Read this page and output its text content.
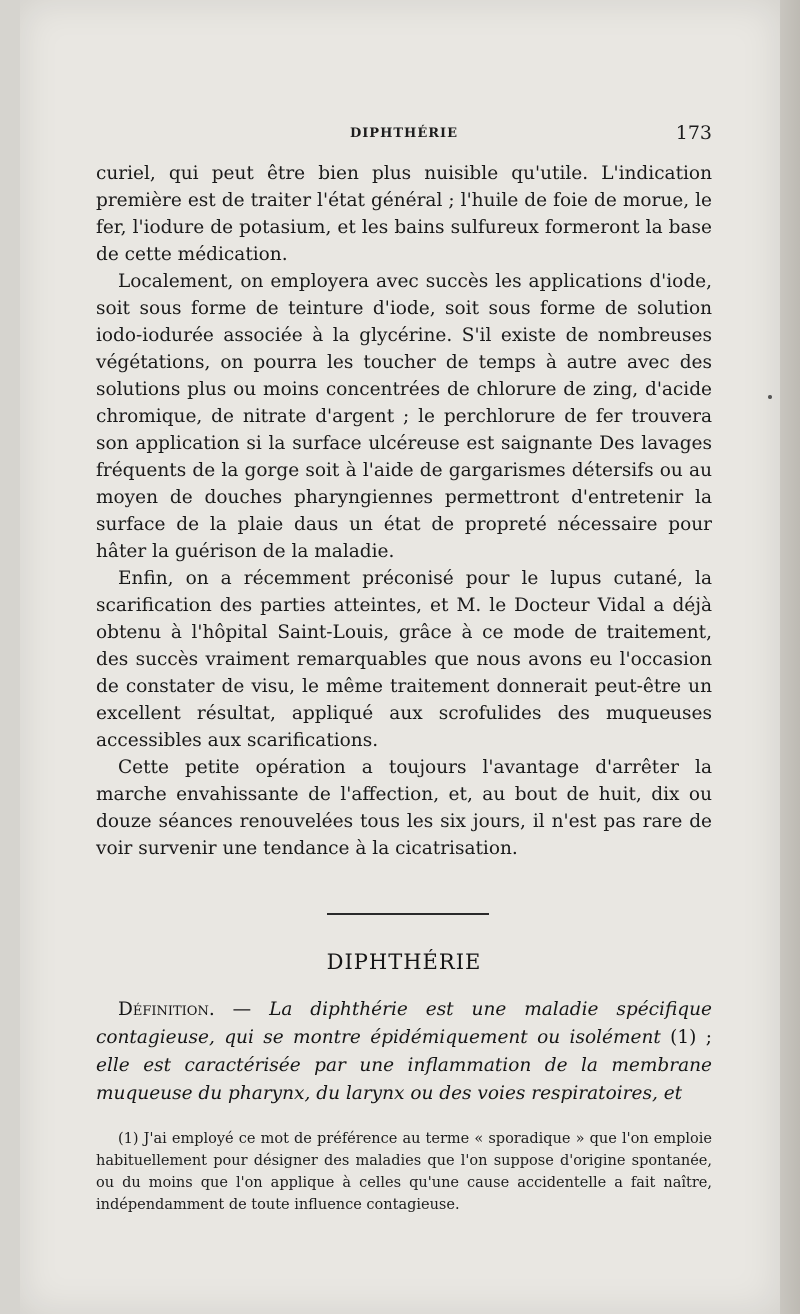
DIPHTHÉRIE	173

curiel, qui peut être bien plus nuisible qu'utile. L'indication première est de traiter l'état général ; l'huile de foie de morue, le fer, l'iodure de potasium, et les bains sulfureux formeront la base de cette médication.

Localement, on employera avec succès les applications d'iode, soit sous forme de teinture d'iode, soit sous forme de solution iodo-iodurée associée à la glycérine. S'il existe de nombreuses végétations, on pourra les toucher de temps à autre avec des solutions plus ou moins concentrées de chlorure de zing, d'acide chromique, de nitrate d'argent ; le perchlorure de fer trouvera son application si la surface ulcéreuse est saignante Des lavages fréquents de la gorge soit à l'aide de gargarismes détersifs ou au moyen de douches pharyngiennes permettront d'entretenir la surface de la plaie daus un état de propreté nécessaire pour hâter la guérison de la maladie.

Enfin, on a récemment préconisé pour le lupus cutané, la scarification des parties atteintes, et M. le Docteur Vidal a déjà obtenu à l'hôpital Saint-Louis, grâce à ce mode de traitement, des succès vraiment remarquables que nous avons eu l'occasion de constater de visu, le même traitement donnerait peut-être un excellent résultat, appliqué aux scrofulides des muqueuses accessibles aux scarifications.

Cette petite opération a toujours l'avantage d'arrêter la marche envahissante de l'affection, et, au bout de huit, dix ou douze séances renouvelées tous les six jours, il n'est pas rare de voir survenir une tendance à la cicatrisation.

DIPHTHÉRIE
Définition. — La diphthérie est une maladie spécifique contagieuse, qui se montre épidémiquement ou isolément (1) ; elle est caractérisée par une inflammation de la membrane muqueuse du pharynx, du larynx ou des voies respiratoires, et
(1) J'ai employé ce mot de préférence au terme « sporadique » que l'on emploie habituellement pour désigner des maladies que l'on suppose d'origine spontanée, ou du moins que l'on applique à celles qu'une cause accidentelle a fait naître, indépendamment de toute influence contagieuse.
